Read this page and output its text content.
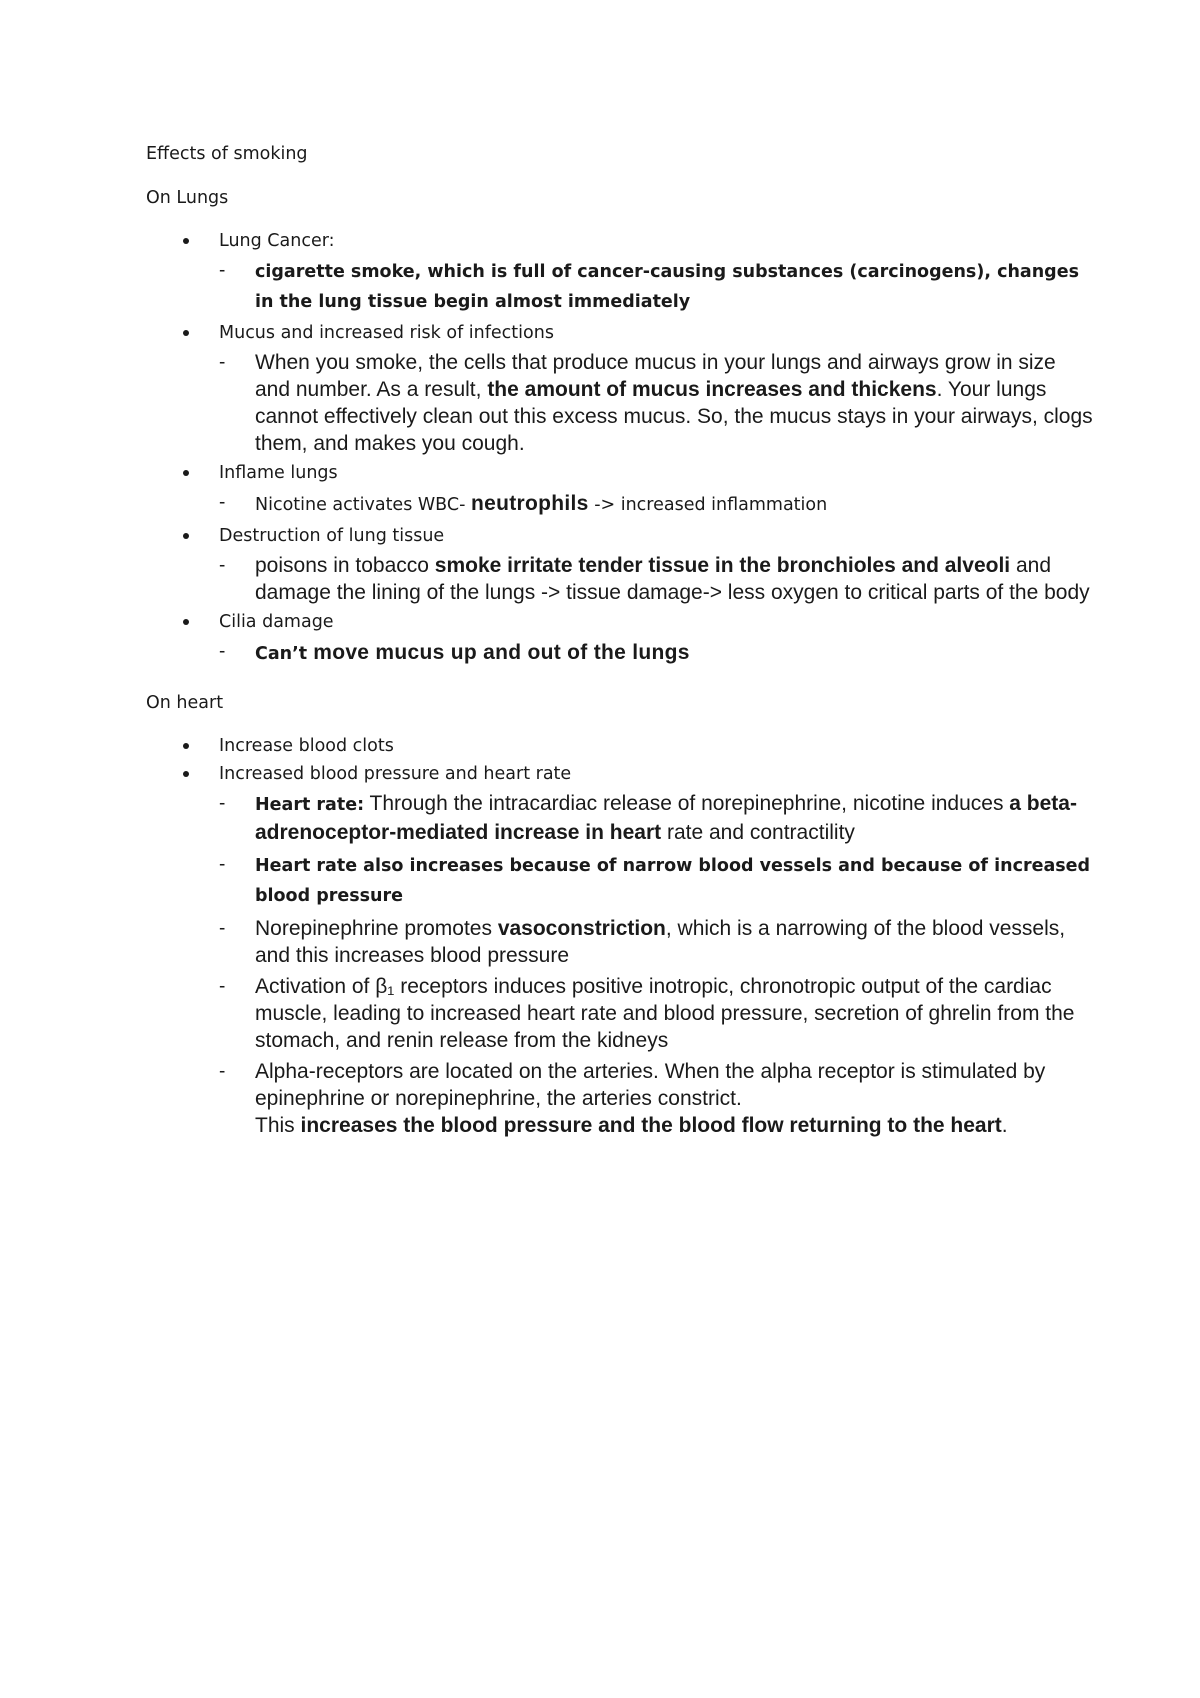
Effects of smoking
On Lungs
Lung Cancer:
- cigarette smoke, which is full of cancer-causing substances (carcinogens), changes in the lung tissue begin almost immediately
Mucus and increased risk of infections
- When you smoke, the cells that produce mucus in your lungs and airways grow in size and number. As a result, the amount of mucus increases and thickens. Your lungs cannot effectively clean out this excess mucus. So, the mucus stays in your airways, clogs them, and makes you cough.
Inflame lungs
- Nicotine activates WBC- neutrophils -> increased inflammation
Destruction of lung tissue
- poisons in tobacco smoke irritate tender tissue in the bronchioles and alveoli and damage the lining of the lungs -> tissue damage-> less oxygen to critical parts of the body
Cilia damage
- Can’t move mucus up and out of the lungs
On heart
Increase blood clots
Increased blood pressure and heart rate
- Heart rate: Through the intracardiac release of norepinephrine, nicotine induces a beta-adrenoceptor-mediated increase in heart rate and contractility
- Heart rate also increases because of narrow blood vessels and because of increased blood pressure
- Norepinephrine promotes vasoconstriction, which is a narrowing of the blood vessels, and this increases blood pressure
- Activation of β₁ receptors induces positive inotropic, chronotropic output of the cardiac muscle, leading to increased heart rate and blood pressure, secretion of ghrelin from the stomach, and renin release from the kidneys
- Alpha-receptors are located on the arteries. When the alpha receptor is stimulated by epinephrine or norepinephrine, the arteries constrict.
This increases the blood pressure and the blood flow returning to the heart.
